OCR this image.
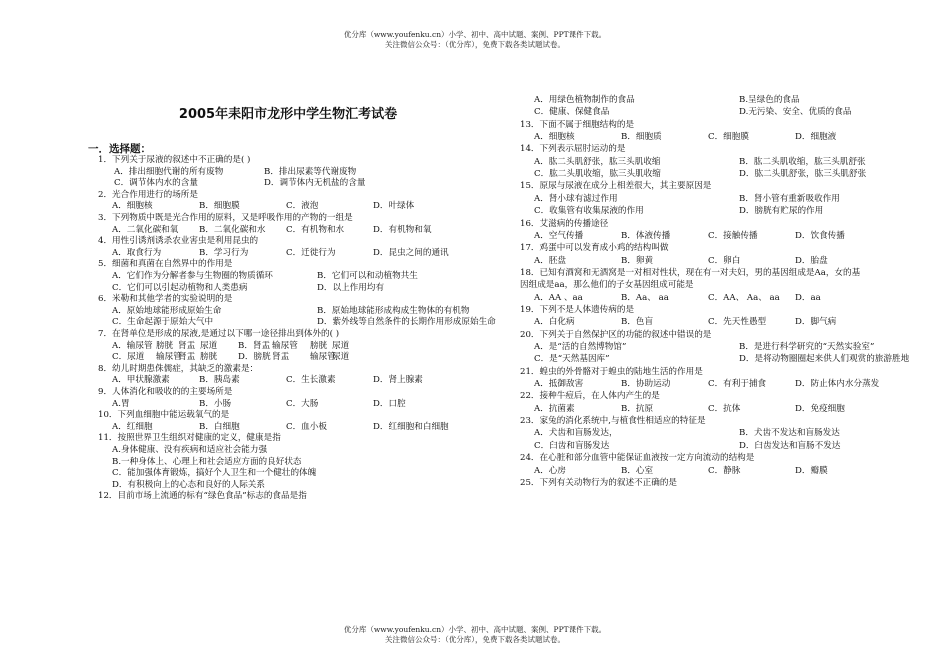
优分库（www.youfenku.cn）小学、初中、高中试题、案例、PPT课件下载。
关注微信公众号：（优分库），免费下载各类试题试卷。
2005年耒阳市龙形中学生物汇考试卷
一．选择题：
1．下列关于尿液的叙述中不正确的是( )
A．排出细胞代谢的所有废物	B．排出尿素等代谢废物
C．调节体内水的含量	D．调节体内无机盐的含量
2．光合作用进行的场所是
A．细胞核	B．细胞膜	C．液泡	D．叶绿体
3．下列物质中既是光合作用的原料，又是呼吸作用的产物的一组是
A．二氧化碳和氧 B．二氧化碳和水 C．有机物和水	D．有机物和氧
4．用性引诱剂诱杀农业害虫是利用昆虫的
A．取食行为	B．学习行为	C．迁徙行为	D．昆虫之间的通讯
5．细菌和真菌在自然界中的作用是
A．它们作为分解者参与生物圈的物质循环	B．它们可以和动植物共生
C．它们可以引起动植物和人类患病	D．以上作用均有
6．米勒和其他学者的实验说明的是
A．原始地球能形成原始生命	B．原始地球能形成构成生物体的有机物
C．生命起源于原始大气中	D．紫外线等自然条件的长期作用形成原始生命
7．在肾单位是形成的尿液,是通过以下哪一途径排出到体外的( )
A．输尿管 膀胱 肾盂 尿道 B．肾盂 输尿管 膀胱 尿道
C．尿道 输尿管肾盂 膀胱 D．膀胱肾盂 输尿管尿道
8．幼儿时期患侏儒症，其缺乏的激素是：
A．甲状腺激素	B．胰岛素	C．生长激素	D．肾上腺素
9．人体消化和吸收的的主要场所是
A.胃	B．小肠	C．大肠	D．口腔
10．下列血细胞中能运载氧气的是
A．红细胞	B．白细胞	C．血小板	D．红细胞和白细胞
11．按照世界卫生组织对健康的定义，健康是指
A.身体健康、没有疾病和适应社会能力强
B.一种身体上、心理上和社会适应方面的良好状态
C．能加强体育锻炼，搞好个人卫生和一个健壮的体魄
D．有积极向上的心态和良好的人际关系
12．目前市场上流通的标有“绿色食品”标志的食品是指
A．用绿色植物制作的食品	B.呈绿色的食品
C．健康、保健食品	D.无污染、安全、优质的食品
13．下面不属于细胞结构的是
A．细胞核	B．细胞质	C．细胞膜	D．细胞液
14．下列表示屈肘运动的是
A．肱二头肌舒张，肱三头肌收缩	B．肱二头肌收缩，肱三头肌舒张
C．肱二头肌收缩，肱三头肌收缩	D．肱二头肌舒张，肱三头肌舒张
15．原尿与尿液在成分上相差很大，其主要原因是
A．肾小球有滤过作用	B．肾小管有重新吸收作用
C．收集管有收集尿液的作用	D．膀胱有贮尿的作用
16．艾滋病的传播途径
A．空气传播	B．体液传播	C．接触传播	D．饮食传播
17．鸡蛋中可以发育成小鸡的结构叫做
A．胚盘	B．卵黄	C．卵白	D．胎盘
18．已知有酒窝和无酒窝是一对相对性状，现在有一对夫妇，男的基因组成是Aa，女的基
因组成是aa，那么他们的子女基因组成可能是
A．AA 、aa	B．Aa、 aa	C．AA、 Aa、 aa D．aa
19．下列不是人体遗传病的是
A．白化病	B．色盲	C．先天性愚型	D．脚气病
20．下列关于自然保护区的功能的叙述中错误的是
A．是“活的自然博物馆”	B．是进行科学研究的“天然实验室”
C．是“天然基因库”	D．是将动物圈圈起来供人们观赏的旅游胜地
21．蝗虫的外骨骼对于蝗虫的陆地生活的作用是
A．抵御敌害	B．协助运动	C．有利于捕食	D．防止体内水分蒸发
22．接种牛痘后，在人体内产生的是
A．抗菌素	B．抗原	C．抗体	D．免疫细胞
23．家兔的消化系统中,与植食性相适应的特征是
A．犬齿和盲肠发达，	B．犬齿不发达和盲肠发达
C．臼齿和盲肠发达	D．臼齿发达和盲肠不发达
24．在心脏和部分血管中能保证血液按一定方向流动的结构是
A．心房	B．心室	C．静脉	D．瓣膜
25．下列有关动物行为的叙述不正确的是
优分库（www.youfenku.cn）小学、初中、高中试题、案例、PPT课件下载。
关注微信公众号：（优分库），免费下载各类试题试卷。
